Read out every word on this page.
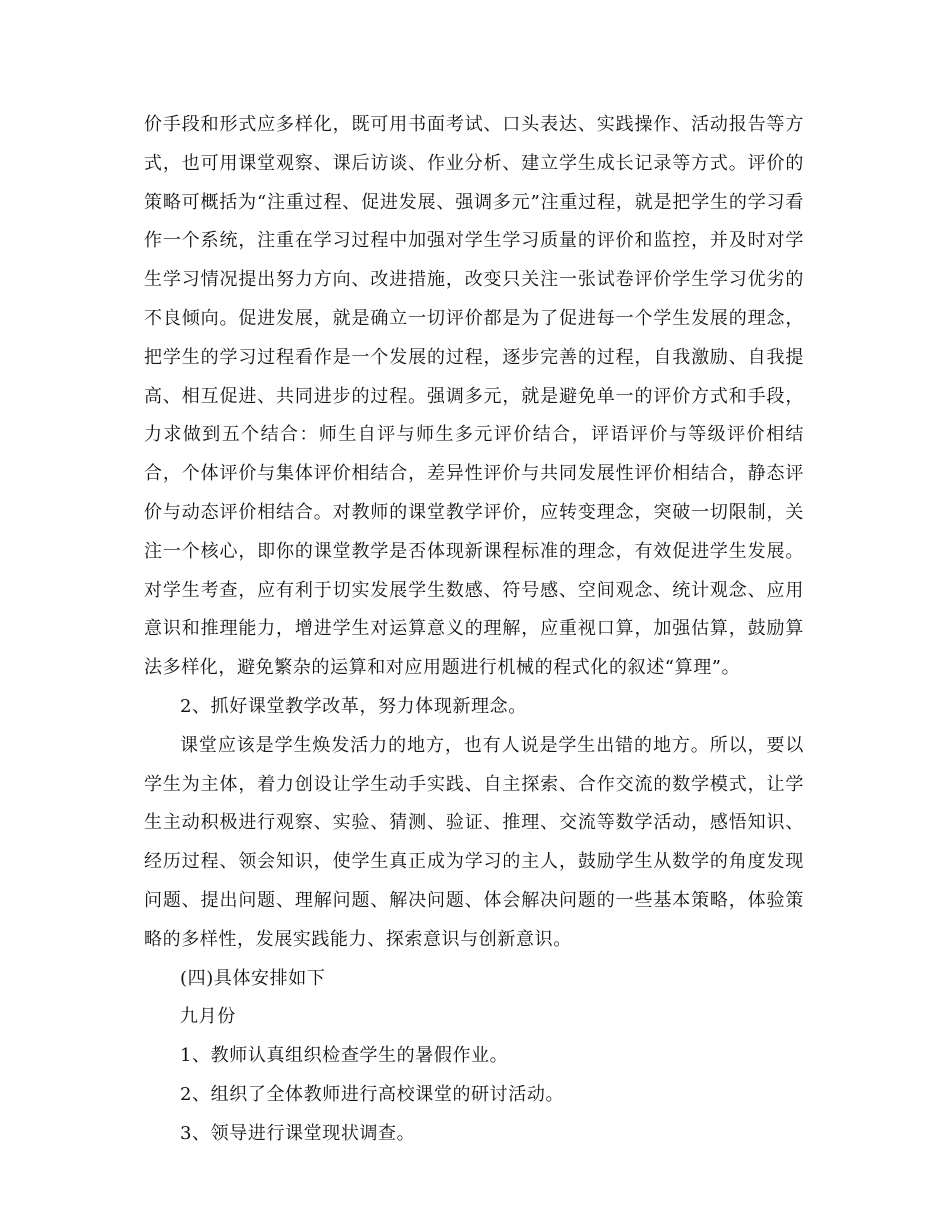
价手段和形式应多样化，既可用书面考试、口头表达、实践操作、活动报告等方式，也可用课堂观察、课后访谈、作业分析、建立学生成长记录等方式。评价的策略可概括为“注重过程、促进发展、强调多元”注重过程，就是把学生的学习看作一个系统，注重在学习过程中加强对学生学习质量的评价和监控，并及时对学生学习情况提出努力方向、改进措施，改变只关注一张试卷评价学生学习优劣的不良倾向。促进发展，就是确立一切评价都是为了促进每一个学生发展的理念，把学生的学习过程看作是一个发展的过程，逐步完善的过程，自我激励、自我提高、相互促进、共同进步的过程。强调多元，就是避免单一的评价方式和手段，力求做到五个结合：师生自评与师生多元评价结合，评语评价与等级评价相结合，个体评价与集体评价相结合，差异性评价与共同发展性评价相结合，静态评价与动态评价相结合。对教师的课堂教学评价，应转变理念，突破一切限制，关注一个核心，即你的课堂教学是否体现新课程标准的理念，有效促进学生发展。对学生考查，应有利于切实发展学生数感、符号感、空间观念、统计观念、应用意识和推理能力，增进学生对运算意义的理解，应重视口算，加强估算，鼓励算法多样化，避免繁杂的运算和对应用题进行机械的程式化的叙述“算理”。

2、抓好课堂教学改革，努力体现新理念。

课堂应该是学生焕发活力的地方，也有人说是学生出错的地方。所以，要以学生为主体，着力创设让学生动手实践、自主探索、合作交流的数学模式，让学生主动积极进行观察、实验、猜测、验证、推理、交流等数学活动，感悟知识、经历过程、领会知识，使学生真正成为学习的主人，鼓励学生从数学的角度发现问题、提出问题、理解问题、解决问题、体会解决问题的一些基本策略，体验策略的多样性，发展实践能力、探索意识与创新意识。

(四)具体安排如下

九月份

1、教师认真组织检查学生的暑假作业。

2、组织了全体教师进行高校课堂的研讨活动。

3、领导进行课堂现状调查。
